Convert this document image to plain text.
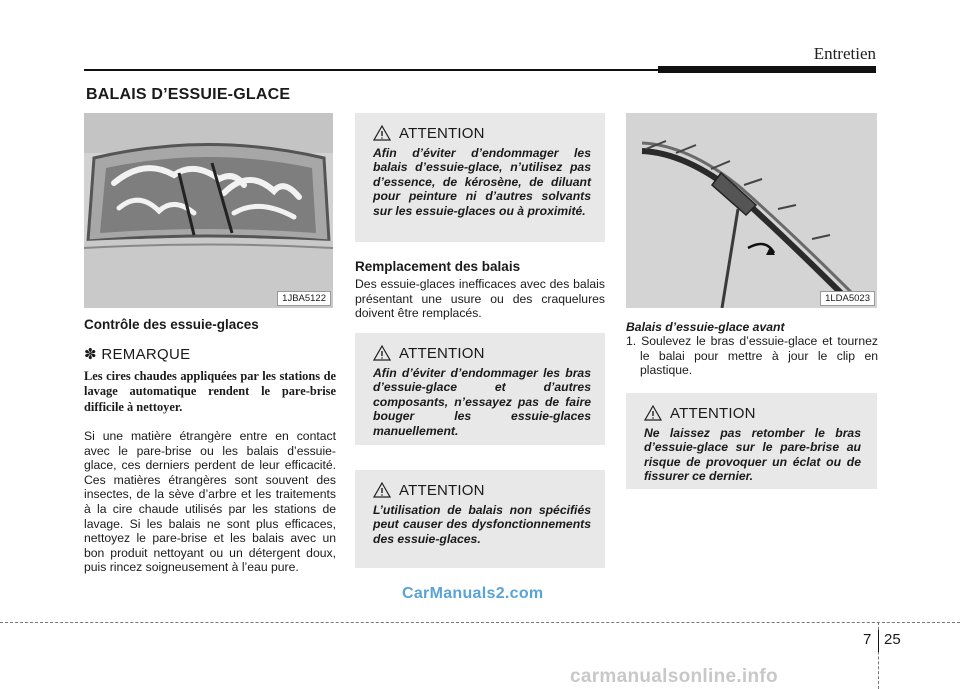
Entretien
BALAIS D’ESSUIE-GLACE
1JBA5122
Contrôle des essuie-glaces
✽ REMARQUE
Les cires chaudes appliquées par les stations de lavage automatique rendent le pare-brise difficile à nettoyer.
Si une matière étrangère entre en contact avec le pare-brise ou les balais d’essuie-glace, ces derniers perdent de leur efficacité. Ces matières étrangères sont souvent des insectes, de la sève d’arbre et les traitements à la cire chaude utilisés par les stations de lavage. Si les balais ne sont plus efficaces, nettoyez le pare-brise et les balais avec un bon produit nettoyant ou un détergent doux, puis rincez soigneusement à l’eau pure.
ATTENTION
Afin d’éviter d’endommager les balais d’essuie-glace, n’utilisez pas d’essence, de kérosène, de diluant pour peinture ni d’autres solvants sur les essuie-glaces ou à proximité.
Remplacement des balais
Des essuie-glaces inefficaces avec des balais présentant une usure ou des craquelures doivent être remplacés.
ATTENTION
Afin d’éviter d’endommager les bras d’essuie-glace et d’autres composants, n’essayez pas de faire bouger les essuie-glaces manuellement.
ATTENTION
L’utilisation de balais non spécifiés peut causer des dysfonctionnements des essuie-glaces.
1LDA5023
Balais d’essuie-glace avant
1. Soulevez le bras d’essuie-glace et tournez le balai pour mettre à jour le clip en plastique.
ATTENTION
Ne laissez pas retomber le bras d’essuie-glace sur le pare-brise au risque de provoquer un éclat ou de fissurer ce dernier.
CarManuals2.com
7 25
carmanualsonline.info
